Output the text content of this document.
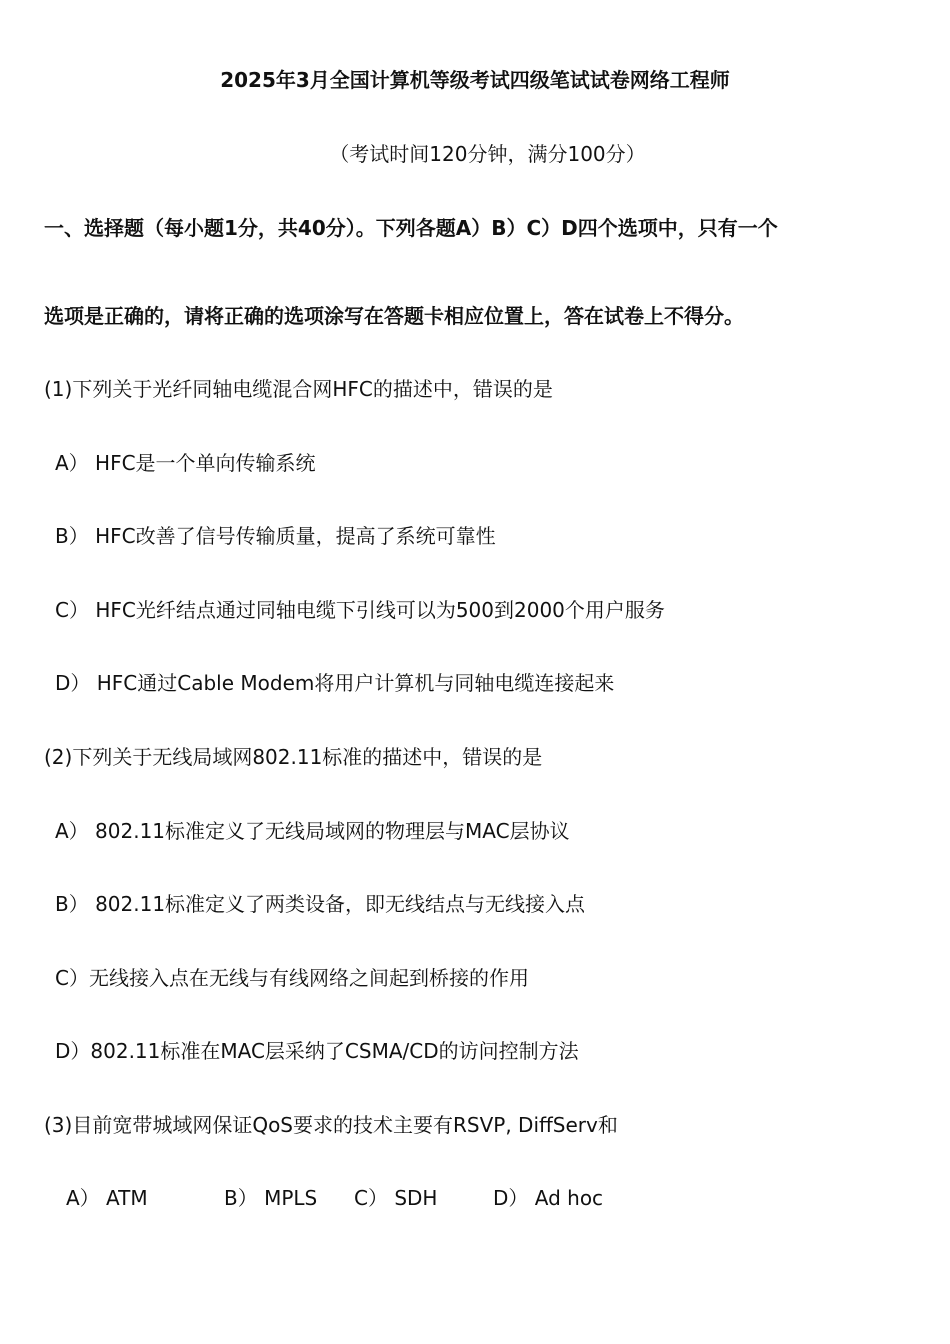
2025年3月全国计算机等级考试四级笔试试卷网络工程师
（考试时间120分钟，满分100分）
一、选择题（每小题1分，共40分）。下列各题A）B）C）D四个选项中，只有一个
选项是正确的，请将正确的选项涂写在答题卡相应位置上，答在试卷上不得分。
(1)下列关于光纤同轴电缆混合网HFC的描述中，错误的是
A） HFC是一个单向传输系统
B） HFC改善了信号传输质量，提高了系统可靠性
C） HFC光纤结点通过同轴电缆下引线可以为500到2000个用户服务
D） HFC通过Cable Modem将用户计算机与同轴电缆连接起来
(2)下列关于无线局域网802.11标准的描述中，错误的是
A） 802.11标准定义了无线局域网的物理层与MAC层协议
B） 802.11标准定义了两类设备，即无线结点与无线接入点
C）无线接入点在无线与有线网络之间起到桥接的作用
D）802.11标准在MAC层采纳了CSMA/CD的访问控制方法
(3)目前宽带城域网保证QoS要求的技术主要有RSVP, DiffServ和
A） ATM	B） MPLS C） SDH	D） Ad hoc
